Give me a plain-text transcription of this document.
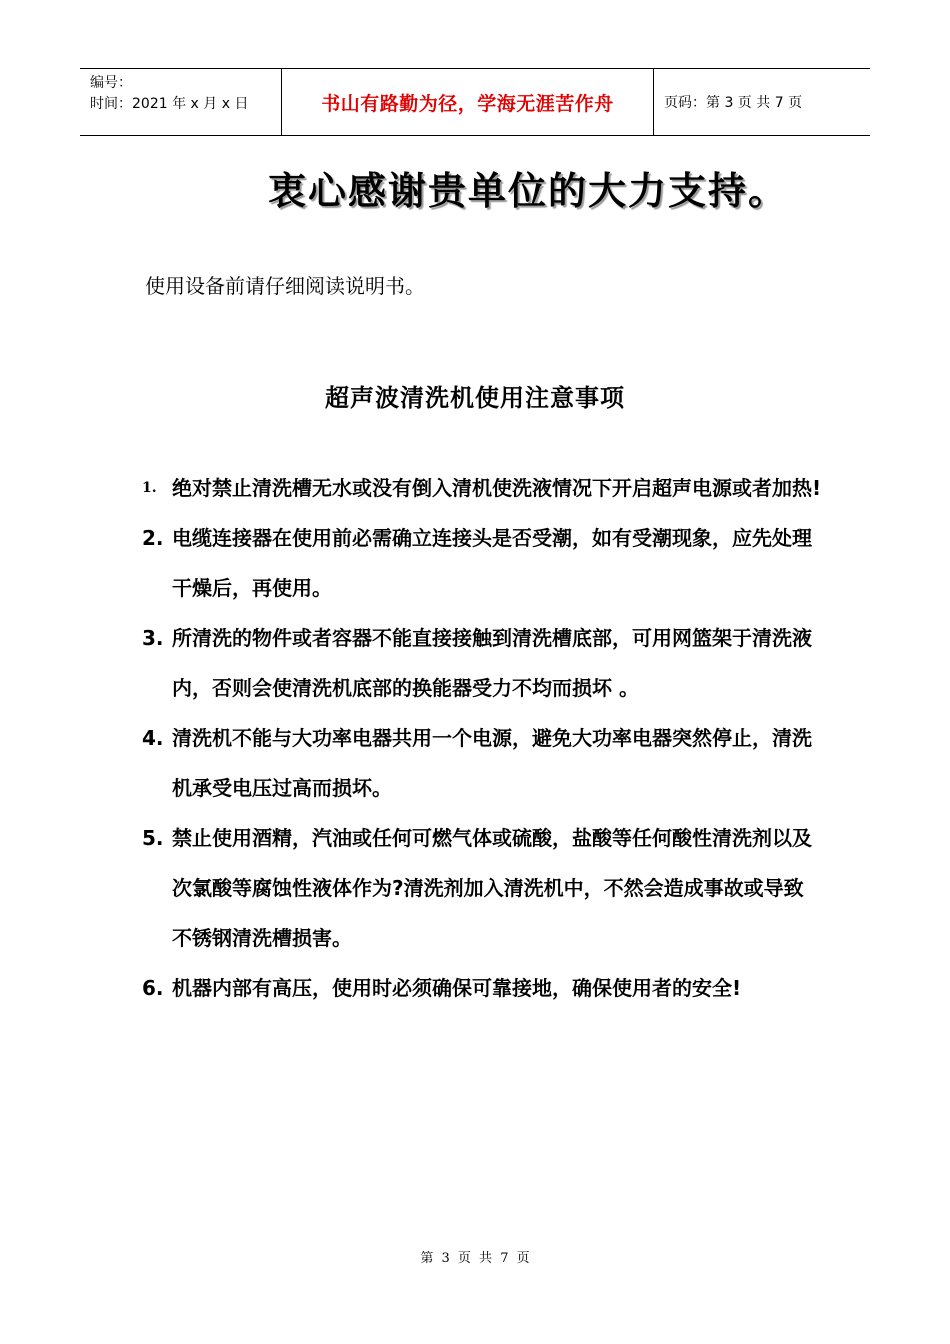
编号：
时间：2021 年 x 月 x 日	书山有路勤为径，学海无涯苦作舟	页码：第 3 页 共 7 页
衷心感谢贵单位的大力支持。
使用设备前请仔细阅读说明书。
超声波清洗机使用注意事项
1. 绝对禁止清洗槽无水或没有倒入清机使洗液情况下开启超声电源或者加热!
2. 电缆连接器在使用前必需确立连接头是否受潮，如有受潮现象，应先处理干燥后，再使用。
3. 所清洗的物件或者容器不能直接接触到清洗槽底部，可用网篮架于清洗液内，否则会使清洗机底部的换能器受力不均而损坏 。
4. 清洗机不能与大功率电器共用一个电源，避免大功率电器突然停止，清洗机承受电压过高而损坏。
5. 禁止使用酒精，汽油或任何可燃气体或硫酸，盐酸等任何酸性清洗剂以及次氯酸等腐蚀性液体作为?清洗剂加入清洗机中，不然会造成事故或导致不锈钢清洗槽损害。
6. 机器内部有高压，使用时必须确保可靠接地，确保使用者的安全!
第 3 页 共 7 页
